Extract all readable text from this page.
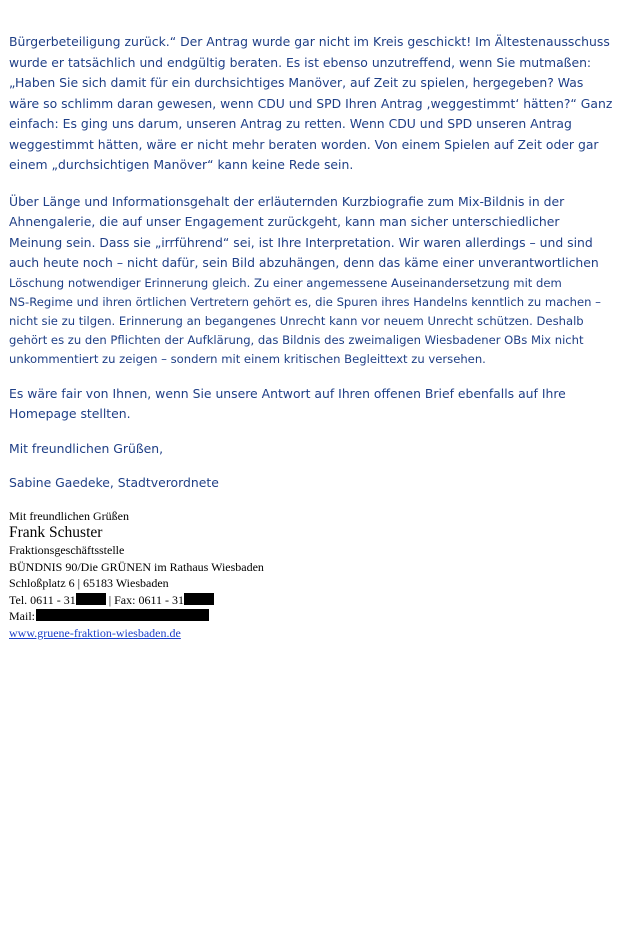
Bürgerbeteiligung zurück.“ Der Antrag wurde gar nicht im Kreis geschickt! Im Ältestenausschuss
wurde er tatsächlich und endgültig beraten. Es ist ebenso unzutreffend, wenn Sie mutmaßen:
„Haben Sie sich damit für ein durchsichtiges Manöver, auf Zeit zu spielen, hergegeben? Was
wäre so schlimm daran gewesen, wenn CDU und SPD Ihren Antrag ‚weggestimmt‘ hätten?“ Ganz
einfach: Es ging uns darum, unseren Antrag zu retten. Wenn CDU und SPD unseren Antrag
weggestimmt hätten, wäre er nicht mehr beraten worden. Von einem Spielen auf Zeit oder gar
einem „durchsichtigen Manöver“ kann keine Rede sein.

Über Länge und Informationsgehalt der erläuternden Kurzbiografie zum Mix-Bildnis in der
Ahnengalerie, die auf unser Engagement zurückgeht, kann man sicher unterschiedlicher
Meinung sein. Dass sie „irrführend“ sei, ist Ihre Interpretation. Wir waren allerdings – und sind
auch heute noch – nicht dafür, sein Bild abzuhängen, denn das käme einer unverantwortlichen

Löschung notwendiger Erinnerung gleich. Zu einer angemessene Auseinandersetzung mit dem
NS-Regime und ihren örtlichen Vertretern gehört es, die Spuren ihres Handelns kenntlich zu machen –
nicht sie zu tilgen. Erinnerung an begangenes Unrecht kann vor neuem Unrecht schützen. Deshalb
gehört es zu den Pflichten der Aufklärung, das Bildnis des zweimaligen Wiesbadener OBs Mix nicht
unkommentiert zu zeigen – sondern mit einem kritischen Begleittext zu versehen.

Es wäre fair von Ihnen, wenn Sie unsere Antwort auf Ihren offenen Brief ebenfalls auf Ihre
Homepage stellten.

Mit freundlichen Grüßen,

Sabine Gaedeke, Stadtverordnete

Mit freundlichen Grüßen
Frank Schuster
Fraktionsgeschäftsstelle
BÜNDNIS 90/Die GRÜNEN im Rathaus Wiesbaden
Schloßplatz 6 | 65183 Wiesbaden
Tel. 0611 - 31	| Fax: 0611 - 31
Mail:
www.gruene-fraktion-wiesbaden.de
